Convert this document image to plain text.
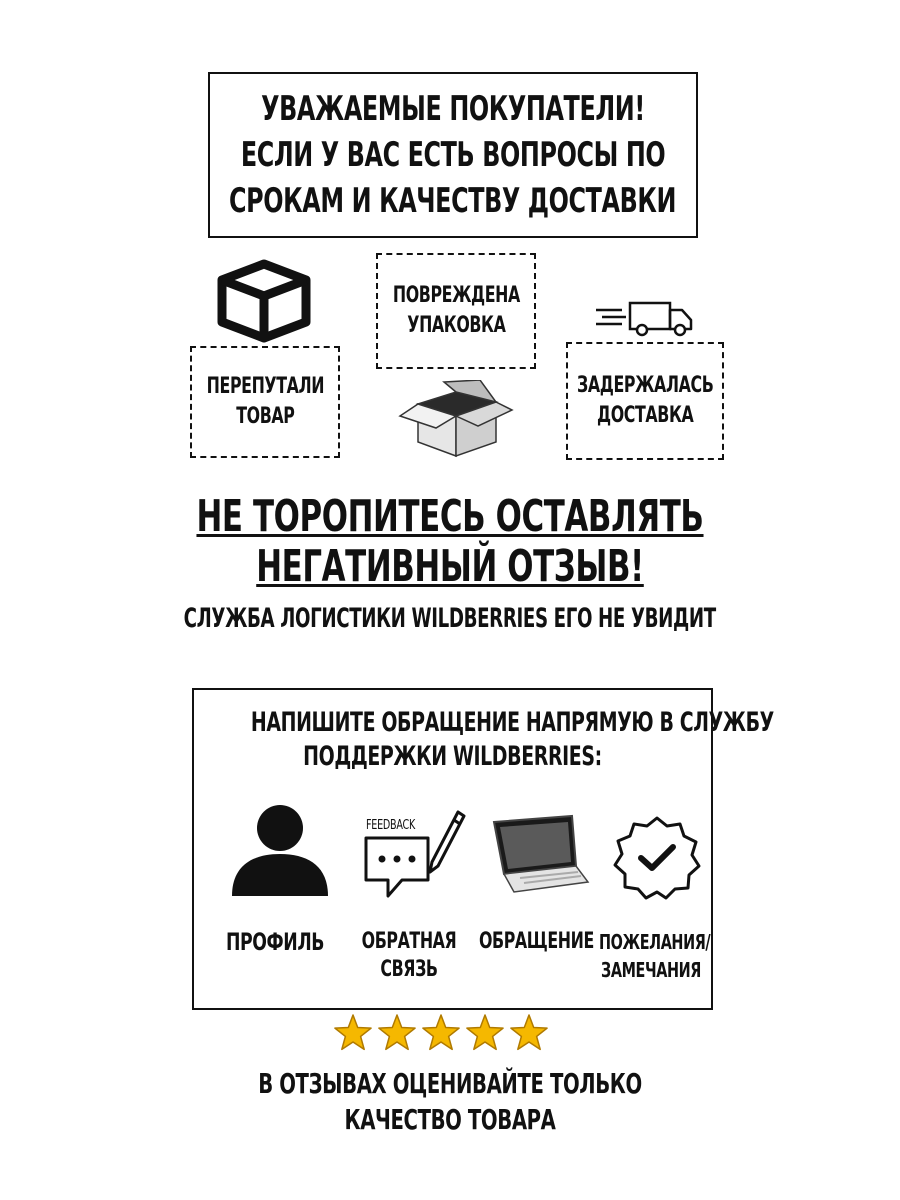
УВАЖАЕМЫЕ ПОКУПАТЕЛИ!
ЕСЛИ У ВАС ЕСТЬ ВОПРОСЫ ПО
СРОКАМ И КАЧЕСТВУ ДОСТАВКИ
ПОВРЕЖДЕНА
УПАКОВКА
ПЕРЕПУТАЛИ
ТОВАР
ЗАДЕРЖАЛАСЬ
ДОСТАВКА
НЕ ТОРОПИТЕСЬ ОСТАВЛЯТЬ
НЕГАТИВНЫЙ ОТЗЫВ!
СЛУЖБА ЛОГИСТИКИ WILDBERRIES ЕГО НЕ УВИДИТ
НАПИШИТЕ ОБРАЩЕНИЕ НАПРЯМУЮ В СЛУЖБУ
ПОДДЕРЖКИ WILDBERRIES:
FEEDBACK
ПРОФИЛЬ ОБРАТНАЯ
СВЯЗЬ
ОБРАЩЕНИЕ ПОЖЕЛАНИЯ/
ЗАМЕЧАНИЯ
В ОТЗЫВАХ ОЦЕНИВАЙТЕ ТОЛЬКО
КАЧЕСТВО ТОВАРА
